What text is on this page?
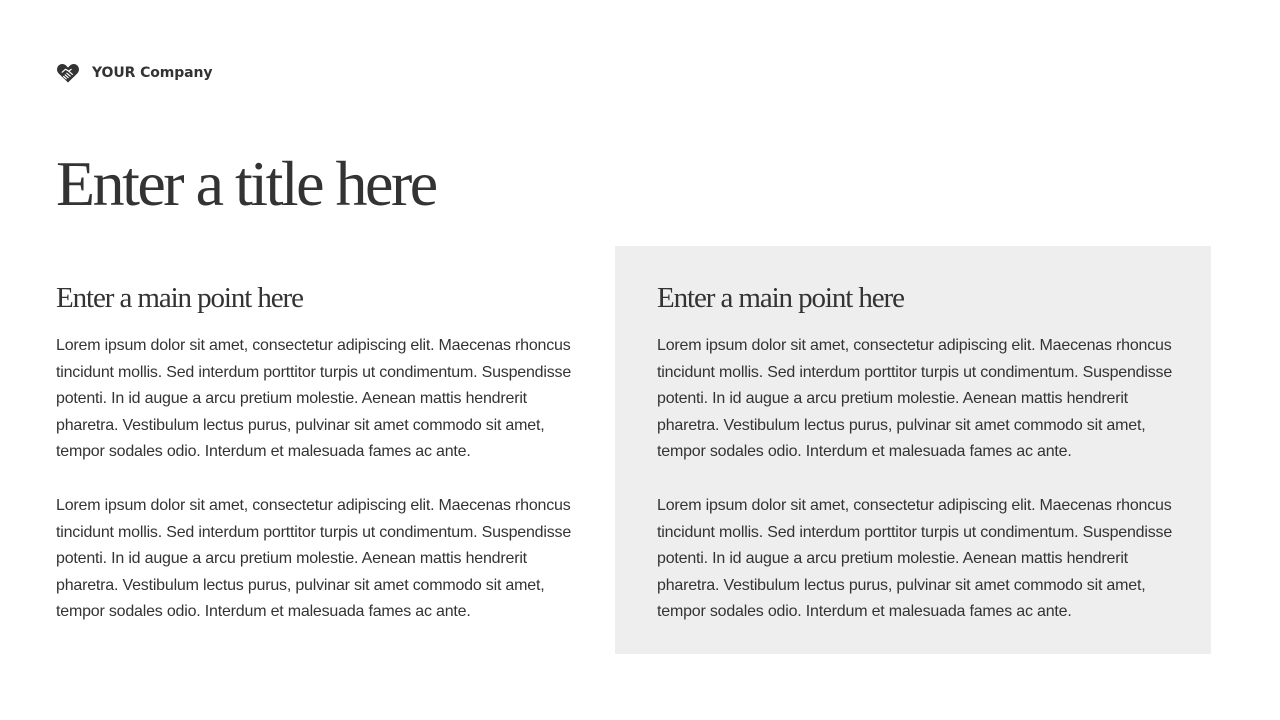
YOUR Company
Enter a title here
Enter a main point here

Lorem ipsum dolor sit amet, consectetur adipiscing elit. Maecenas rhoncus tincidunt mollis. Sed interdum porttitor turpis ut condimentum. Suspendisse potenti. In id augue a arcu pretium molestie. Aenean mattis hendrerit pharetra. Vestibulum lectus purus, pulvinar sit amet commodo sit amet, tempor sodales odio. Interdum et malesuada fames ac ante.

Lorem ipsum dolor sit amet, consectetur adipiscing elit. Maecenas rhoncus tincidunt mollis. Sed interdum porttitor turpis ut condimentum. Suspendisse potenti. In id augue a arcu pretium molestie. Aenean mattis hendrerit pharetra. Vestibulum lectus purus, pulvinar sit amet commodo sit amet, tempor sodales odio. Interdum et malesuada fames ac ante.

Enter a main point here

Lorem ipsum dolor sit amet, consectetur adipiscing elit. Maecenas rhoncus tincidunt mollis. Sed interdum porttitor turpis ut condimentum. Suspendisse potenti. In id augue a arcu pretium molestie. Aenean mattis hendrerit pharetra. Vestibulum lectus purus, pulvinar sit amet commodo sit amet, tempor sodales odio. Interdum et malesuada fames ac ante.

Lorem ipsum dolor sit amet, consectetur adipiscing elit. Maecenas rhoncus tincidunt mollis. Sed interdum porttitor turpis ut condimentum. Suspendisse potenti. In id augue a arcu pretium molestie. Aenean mattis hendrerit pharetra. Vestibulum lectus purus, pulvinar sit amet commodo sit amet, tempor sodales odio. Interdum et malesuada fames ac ante.
